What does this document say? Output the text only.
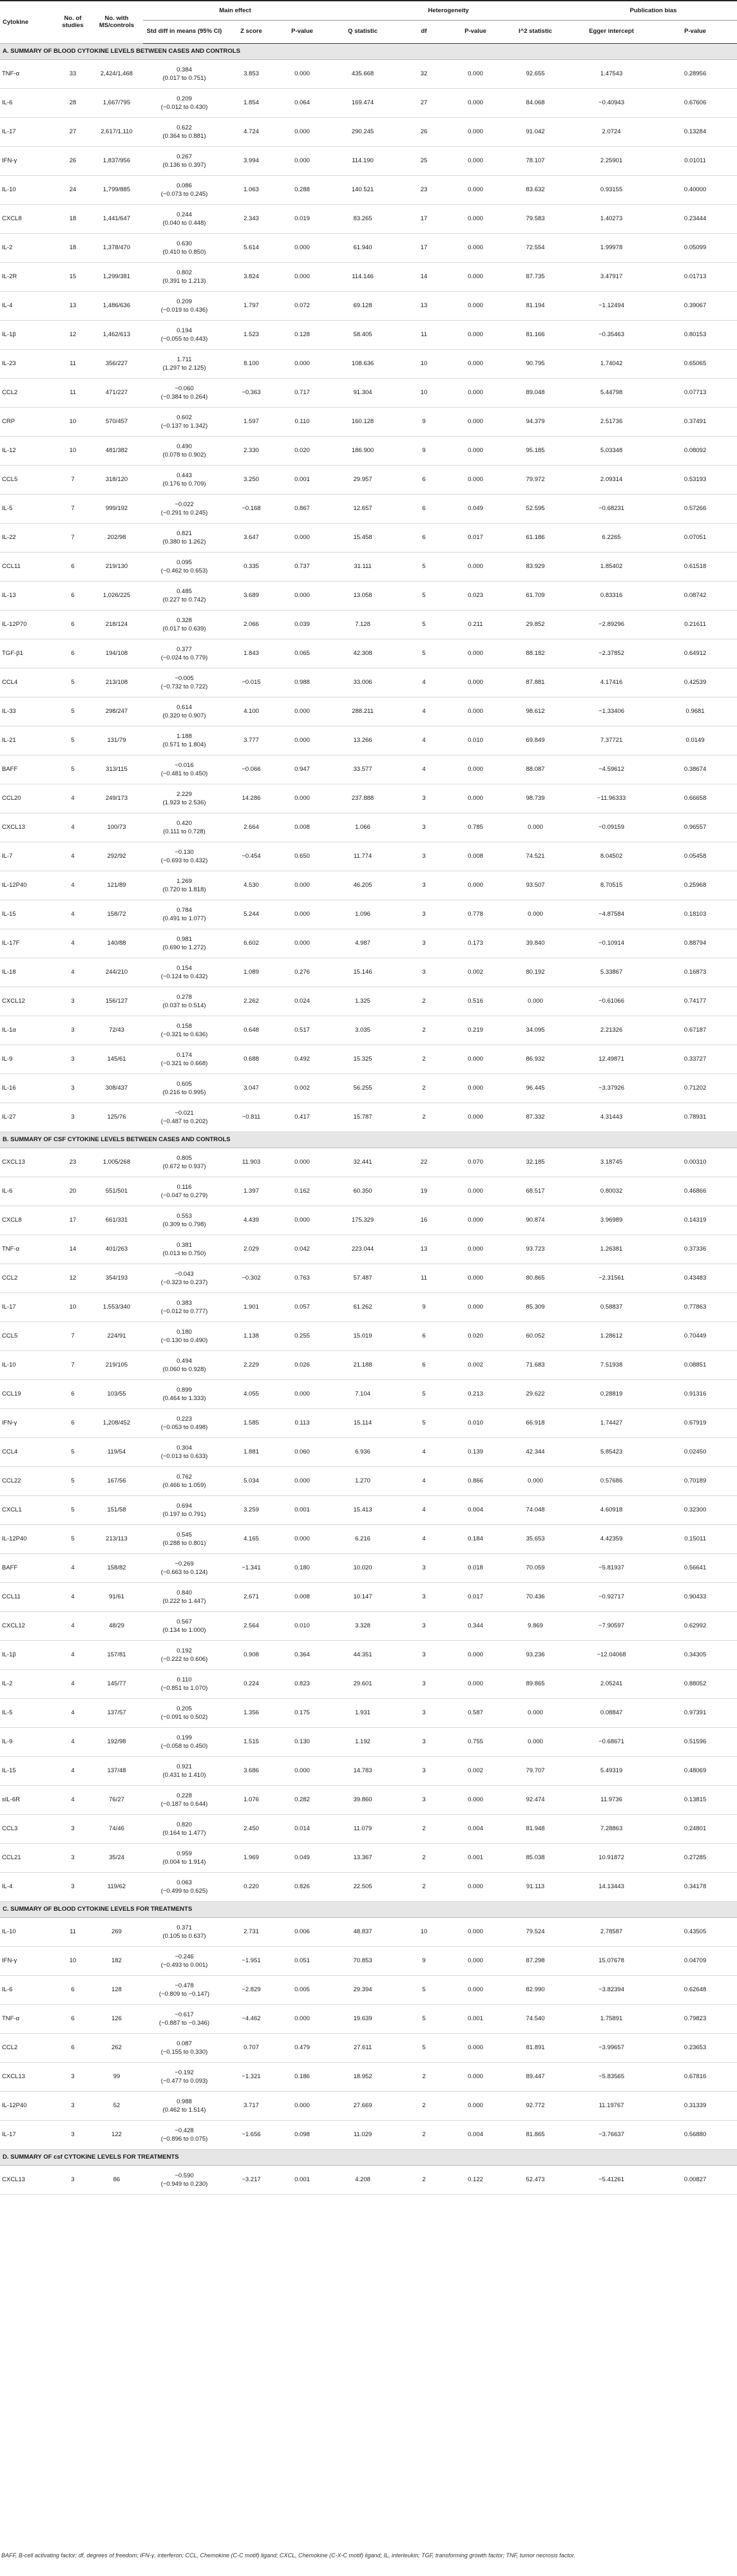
Cytokine	No. of studies	No. with MS/controls	Main effect			Heterogeneity				Publication bias	
			Std diff in means (95% CI)	Z score	P-value	Q statistic	df	P-value	I^2 statistic	Egger intercept	P-value
A. SUMMARY OF BLOOD CYTOKINE LEVELS BETWEEN CASES AND CONTROLS											
TNF-α	33	2,424/1,468	0.384
(0.017 to 0.751)	3.853	0.000	435.668	32	0.000	92.655	1.47543	0.28956
IL-6	28	1,667/795	0.209
(−0.012 to 0.430)	1.854	0.064	169.474	27	0.000	84.068	−0.40943	0.67606
IL-17	27	2,617/1,110	0.622
(0.364 to 0.881)	4.724	0.000	290.245	26	0.000	91.042	2.0724	0.13284
IFN-γ	26	1,837/956	0.267
(0.136 to 0.397)	3.994	0.000	114.190	25	0.000	78.107	2.25901	0.01011
IL-10	24	1,799/885	0.086
(−0.073 to 0.245)	1.063	0.288	140.521	23	0.000	83.632	0.93155	0.40000
CXCL8	18	1,441/647	0.244
(0.040 to 0.448)	2.343	0.019	83.265	17	0.000	79.583	1.40273	0.23444
IL-2	18	1,378/470	0.630
(0.410 to 0.850)	5.614	0.000	61.940	17	0.000	72.554	1.99978	0.05099
IL-2R	15	1,299/381	0.802
(0.391 to 1.213)	3.824	0.000	114.146	14	0.000	87.735	3.47917	0.01713
IL-4	13	1,486/636	0.209
(−0.019 to 0.436)	1.797	0.072	69.128	13	0.000	81.194	−1.12494	0.39067
IL-1β	12	1,462/613	0.194
(−0.055 to 0.443)	1.523	0.128	58.405	11	0.000	81.166	−0.35463	0.80153
IL-23	11	356/227	1.711
(1.297 to 2.125)	8.100	0.000	108.636	10	0.000	90.795	1.74042	0.65065
CCL2	11	471/227	−0.060
(−0.384 to 0.264)	−0.363	0.717	91.304	10	0.000	89.048	5.44798	0.07713
CRP	10	570/457	0.602
(−0.137 to 1.342)	1.597	0.110	160.128	9	0.000	94.379	2.51736	0.37491
IL-12	10	481/382	0.490
(0.078 to 0.902)	2.330	0.020	186.900	9	0.000	95.185	5.03348	0.08092
CCL5	7	318/120	0.443
(0.176 to 0.709)	3.250	0.001	29.957	6	0.000	79.972	2.09314	0.53193
IL-5	7	999/192	−0.022
(−0.291 to 0.245)	−0.168	0.867	12.657	6	0.049	52.595	−0.68231	0.57266
IL-22	7	202/98	0.821
(0.380 to 1.262)	3.647	0.000	15.458	6	0.017	61.186	6.2265	0.07051
CCL11	6	219/130	0.095
(−0.462 to 0.653)	0.335	0.737	31.111	5	0.000	83.929	1.85402	0.61518
IL-13	6	1,026/225	0.485
(0.227 to 0.742)	3.689	0.000	13.058	5	0.023	61.709	0.83316	0.08742
IL-12P70	6	218/124	0.328
(0.017 to 0.639)	2.066	0.039	7.128	5	0.211	29.852	−2.89296	0.21611
TGF-β1	6	194/108	0.377
(−0.024 to 0.779)	1.843	0.065	42.308	5	0.000	88.182	−2.37852	0.64912
CCL4	5	213/108	−0.005
(−0.732 to 0.722)	−0.015	0.988	33.006	4	0.000	87.881	4.17416	0.42539
IL-33	5	298/247	0.614
(0.320 to 0.907)	4.100	0.000	288.211	4	0.000	98.612	−1.33406	0.9681
IL-21	5	131/79	1.188
(0.571 to 1.804)	3.777	0.000	13.266	4	0.010	69.849	7.37721	0.0149
BAFF	5	313/115	−0.016
(−0.481 to 0.450)	−0.066	0.947	33.577	4	0.000	88.087	−4.59612	0.38674
CCL20	4	249/173	2.229
(1.923 to 2.536)	14.286	0.000	237.888	3	0.000	98.739	−11.96333	0.66658
CXCL13	4	100/73	0.420
(0.111 to 0.728)	2.664	0.008	1.066	3	0.785	0.000	−0.09159	0.96557
IL-7	4	292/92	−0.130
(−0.693 to 0.432)	−0.454	0.650	11.774	3	0.008	74.521	8.04502	0.05458
IL-12P40	4	121/89	1.269
(0.720 to 1.818)	4.530	0.000	46.205	3	0.000	93.507	8.70515	0.25968
IL-15	4	158/72	0.784
(0.491 to 1.077)	5.244	0.000	1.096	3	0.778	0.000	−4.87584	0.18103
IL-17F	4	140/88	0.981
(0.690 to 1.272)	6.602	0.000	4.987	3	0.173	39.840	−0.10914	0.88794
IL-18	4	244/210	0.154
(−0.124 to 0.432)	1.089	0.276	15.146	3	0.002	80.192	5.33867	0.16873
CXCL12	3	156/127	0.278
(0.037 to 0.514)	2.262	0.024	1.325	2	0.516	0.000	−0.61066	0.74177
IL-1α	3	72/43	0.158
(−0.321 to 0.636)	0.648	0.517	3.035	2	0.219	34.095	2.21326	0.67187
IL-9	3	145/61	0.174
(−0.321 to 0.668)	0.688	0.492	15.325	2	0.000	86.932	12.49871	0.33727
IL-16	3	308/437	0.605
(0.216 to 0.995)	3.047	0.002	56.255	2	0.000	96.445	−3.37926	0.71202
IL-27	3	125/76	−0.021
(−0.487 to 0.202)	−0.811	0.417	15.787	2	0.000	87.332	4.31443	0.78931
B. SUMMARY OF CSF CYTOKINE LEVELS BETWEEN CASES AND CONTROLS											
CXCL13	23	1,005/268	0.805
(0.672 to 0.937)	11.903	0.000	32.441	22	0.070	32.185	3.18745	0.00310
IL-6	20	551/501	0.116
(−0.047 to 0.279)	1.397	0.162	60.350	19	0.000	68.517	0.80032	0.46866
CXCL8	17	661/331	0.553
(0.309 to 0.798)	4.439	0.000	175.329	16	0.000	90.874	3.96989	0.14319
TNF-α	14	401/263	0.381
(0.013 to 0.750)	2.029	0.042	223.044	13	0.000	93.723	1.26381	0.37336
CCL2	12	354/193	−0.043
(−0.323 to 0.237)	−0.302	0.763	57.487	11	0.000	80.865	−2.31561	0.43483
IL-17	10	1,553/340	0.383
(−0.012 to 0.777)	1.901	0.057	61.262	9	0.000	85.309	0.58837	0.77863
CCL5	7	224/91	0.180
(−0.130 to 0.490)	1.138	0.255	15.019	6	0.020	60.052	1.28612	0.70449
IL-10	7	219/105	0.494
(0.060 to 0.928)	2.229	0.026	21.188	6	0.002	71.683	7.51938	0.08851
CCL19	6	103/55	0.899
(0.464 to 1.333)	4.055	0.000	7.104	5	0.213	29.622	0.28819	0.91316
IFN-γ	6	1,208/452	0.223
(−0.053 to 0.498)	1.585	0.113	15.114	5	0.010	66.918	1.74427	0.67919
CCL4	5	119/54	0.304
(−0.013 to 0.633)	1.881	0.060	6.936	4	0.139	42.344	5.85423	0.02450
CCL22	5	167/56	0.762
(0.466 to 1.059)	5.034	0.000	1.270	4	0.866	0.000	0.57686	0.70189
CXCL1	5	151/58	0.694
(0.197 to 0.791)	3.259	0.001	15.413	4	0.004	74.048	4.60918	0.32300
IL-12P40	5	213/113	0.545
(0.288 to 0.801)	4.165	0.000	6.216	4	0.184	35.653	4.42359	0.15011
BAFF	4	158/82	−0.269
(−0.663 to 0.124)	−1.341	0.180	10.020	3	0.018	70.059	−5.81937	0.56641
CCL11	4	91/61	0.840
(0.222 to 1.447)	2.671	0.008	10.147	3	0.017	70.436	−0.92717	0.90433
CXCL12	4	48/29	0.567
(0.134 to 1.000)	2.564	0.010	3.328	3	0.344	9.869	−7.90597	0.62992
IL-1β	4	157/81	0.192
(−0.222 to 0.606)	0.908	0.364	44.351	3	0.000	93.236	−12.04068	0.34305
IL-2	4	145/77	0.110
(−0.851 to 1.070)	0.224	0.823	29.601	3	0.000	89.865	2.05241	0.88052
IL-5	4	137/57	0.205
(−0.091 to 0.502)	1.356	0.175	1.931	3	0.587	0.000	0.08847	0.97391
IL-9	4	192/98	0.199
(−0.058 to 0.450)	1.515	0.130	1.192	3	0.755	0.000	−0.68671	0.51596
IL-15	4	137/48	0.921
(0.431 to 1.410)	3.686	0.000	14.783	3	0.002	79.707	5.49319	0.48069
sIL-6R	4	76/27	0.228
(−0.187 to 0.644)	1.076	0.282	39.860	3	0.000	92.474	11.9736	0.13815
CCL3	3	74/46	0.820
(0.164 to 1.477)	2.450	0.014	11.079	2	0.004	81.948	7.28863	0.24801
CCL21	3	35/24	0.959
(0.004 to 1.914)	1.969	0.049	13.367	2	0.001	85.038	10.91872	0.27285
IL-4	3	119/62	0.063
(−0.499 to 0.625)	0.220	0.826	22.505	2	0.000	91.113	14.13443	0.34178
C. SUMMARY OF BLOOD CYTOKINE LEVELS FOR TREATMENTS											
IL-10	11	269	0.371
(0.105 to 0.637)	2.731	0.006	48.837	10	0.000	79.524	2.78587	0.43505
IFN-γ	10	182	−0.246
(−0.493 to 0.001)	−1.951	0.051	70.853	9	0.000	87.298	15.07678	0.04709
IL-6	6	128	−0.478
(−0.809 to −0.147)	−2.829	0.005	29.394	5	0.000	82.990	−3.82394	0.62648
TNF-α	6	126	−0.617
(−0.887 to −0.346)	−4.462	0.000	19.639	5	0.001	74.540	1.75891	0.79823
CCL2	6	262	0.087
(−0.155 to 0.330)	0.707	0.479	27.611	5	0.000	81.891	−3.99657	0.23653
CXCL13	3	99	−0.192
(−0.477 to 0.093)	−1.321	0.186	18.952	2	0.000	89.447	−5.83565	0.67816
IL-12P40	3	52	0.988
(0.462 to 1.514)	3.717	0.000	27.669	2	0.000	92.772	11.19767	0.31339
IL-17	3	122	−0.428
(−0.896 to 0.075)	−1.656	0.098	11.029	2	0.004	81.865	−3.76637	0.56880
D. SUMMARY OF csf CYTOKINE LEVELS FOR TREATMENTS											
CXCL13	3	86	−0.590
(−0.949 to 0.230)	−3.217	0.001	4.208	2	0.122	52.473	−5.41261	0.00827
BAFF, B-cell activating factor; df, degrees of freedom; IFN-γ, interferon; CCL, Chemokine (C-C motif) ligand; CXCL, Chemokine (C-X-C motif) ligand; IL, interleukin; TGF, transforming growth factor; TNF, tumor necrosis factor.
